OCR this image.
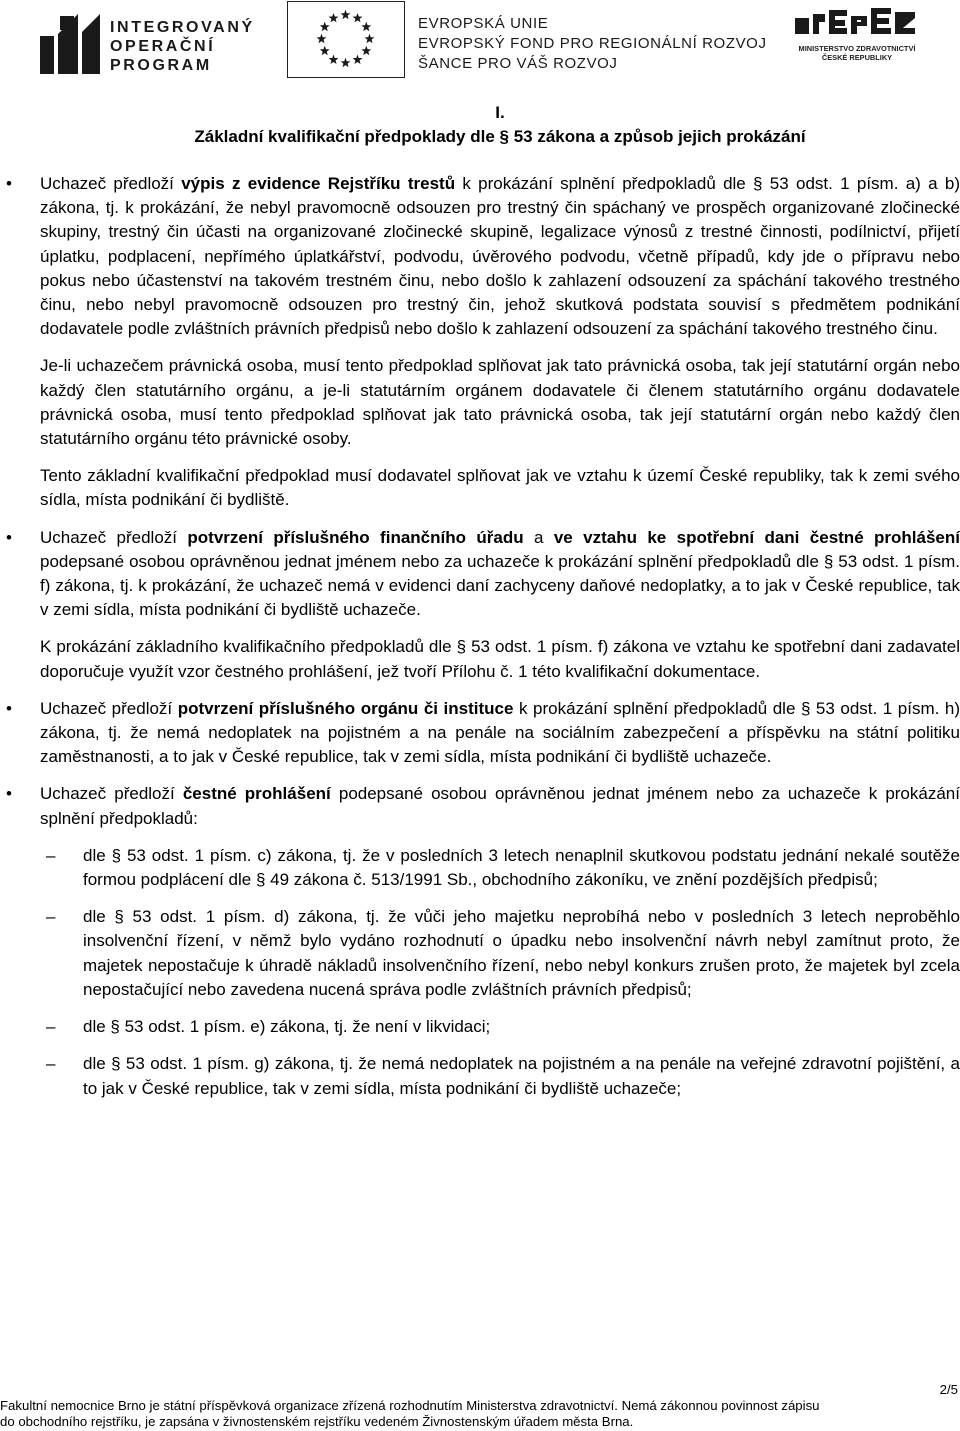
INTEGROVANÝ
OPERAČNÍ
PROGRAM
EVROPSKÁ UNIE
EVROPSKÝ FOND PRO REGIONÁLNÍ ROZVOJ
ŠANCE PRO VÁŠ ROZVOJ
MINISTERSTVO ZDRAVOTNICTVÍ
ČESKÉ REPUBLIKY
I.
Základní kvalifikační předpoklady dle § 53 zákona a způsob jejich prokázání
• Uchazeč předloží výpis z evidence Rejstříku trestů k prokázání splnění předpokladů dle § 53 odst. 1 písm. a) a b) zákona, tj. k prokázání, že nebyl pravomocně odsouzen pro trestný čin spáchaný ve prospěch organizované zločinecké skupiny, trestný čin účasti na organizované zločinecké skupině, legalizace výnosů z trestné činnosti, podílnictví, přijetí úplatku, podplacení, nepřímého úplatkářství, podvodu, úvěrového podvodu, včetně případů, kdy jde o přípravu nebo pokus nebo účastenství na takovém trestném činu, nebo došlo k zahlazení odsouzení za spáchání takového trestného činu, nebo nebyl pravomocně odsouzen pro trestný čin, jehož skutková podstata souvisí s předmětem podnikání dodavatele podle zvláštních právních předpisů nebo došlo k zahlazení odsouzení za spáchání takového trestného činu.
Je-li uchazečem právnická osoba, musí tento předpoklad splňovat jak tato právnická osoba, tak její statutární orgán nebo každý člen statutárního orgánu, a je-li statutárním orgánem dodavatele či členem statutárního orgánu dodavatele právnická osoba, musí tento předpoklad splňovat jak tato právnická osoba, tak její statutární orgán nebo každý člen statutárního orgánu této právnické osoby.
Tento základní kvalifikační předpoklad musí dodavatel splňovat jak ve vztahu k území České republiky, tak k zemi svého sídla, místa podnikání či bydliště.
• Uchazeč předloží potvrzení příslušného finančního úřadu a ve vztahu ke spotřební dani čestné prohlášení podepsané osobou oprávněnou jednat jménem nebo za uchazeče k prokázání splnění předpokladů dle § 53 odst. 1 písm. f) zákona, tj. k prokázání, že uchazeč nemá v evidenci daní zachyceny daňové nedoplatky, a to jak v České republice, tak v zemi sídla, místa podnikání či bydliště uchazeče.
K prokázání základního kvalifikačního předpokladů dle § 53 odst. 1 písm. f) zákona ve vztahu ke spotřební dani zadavatel doporučuje využít vzor čestného prohlášení, jež tvoří Přílohu č. 1 této kvalifikační dokumentace.
• Uchazeč předloží potvrzení příslušného orgánu či instituce k prokázání splnění předpokladů dle § 53 odst. 1 písm. h) zákona, tj. že nemá nedoplatek na pojistném a na penále na sociálním zabezpečení a příspěvku na státní politiku zaměstnanosti, a to jak v České republice, tak v zemi sídla, místa podnikání či bydliště uchazeče.
• Uchazeč předloží čestné prohlášení podepsané osobou oprávněnou jednat jménem nebo za uchazeče k prokázání splnění předpokladů:
– dle § 53 odst. 1 písm. c) zákona, tj. že v posledních 3 letech nenaplnil skutkovou podstatu jednání nekalé soutěže formou podplácení dle § 49 zákona č. 513/1991 Sb., obchodního zákoníku, ve znění pozdějších předpisů;
– dle § 53 odst. 1 písm. d) zákona, tj. že vůči jeho majetku neprobíhá nebo v posledních 3 letech neproběhlo insolvenční řízení, v němž bylo vydáno rozhodnutí o úpadku nebo insolvenční návrh nebyl zamítnut proto, že majetek nepostačuje k úhradě nákladů insolvenčního řízení, nebo nebyl konkurs zrušen proto, že majetek byl zcela nepostačující nebo zavedena nucená správa podle zvláštních právních předpisů;
– dle § 53 odst. 1 písm. e) zákona, tj. že není v likvidaci;
– dle § 53 odst. 1 písm. g) zákona, tj. že nemá nedoplatek na pojistném a na penále na veřejné zdravotní pojištění, a to jak v České republice, tak v zemi sídla, místa podnikání či bydliště uchazeče;
2/5
Fakultní nemocnice Brno je státní příspěvková organizace zřízená rozhodnutím Ministerstva zdravotnictví. Nemá zákonnou povinnost zápisu
do obchodního rejstříku, je zapsána v živnostenském rejstříku vedeném Živnostenským úřadem města Brna.
